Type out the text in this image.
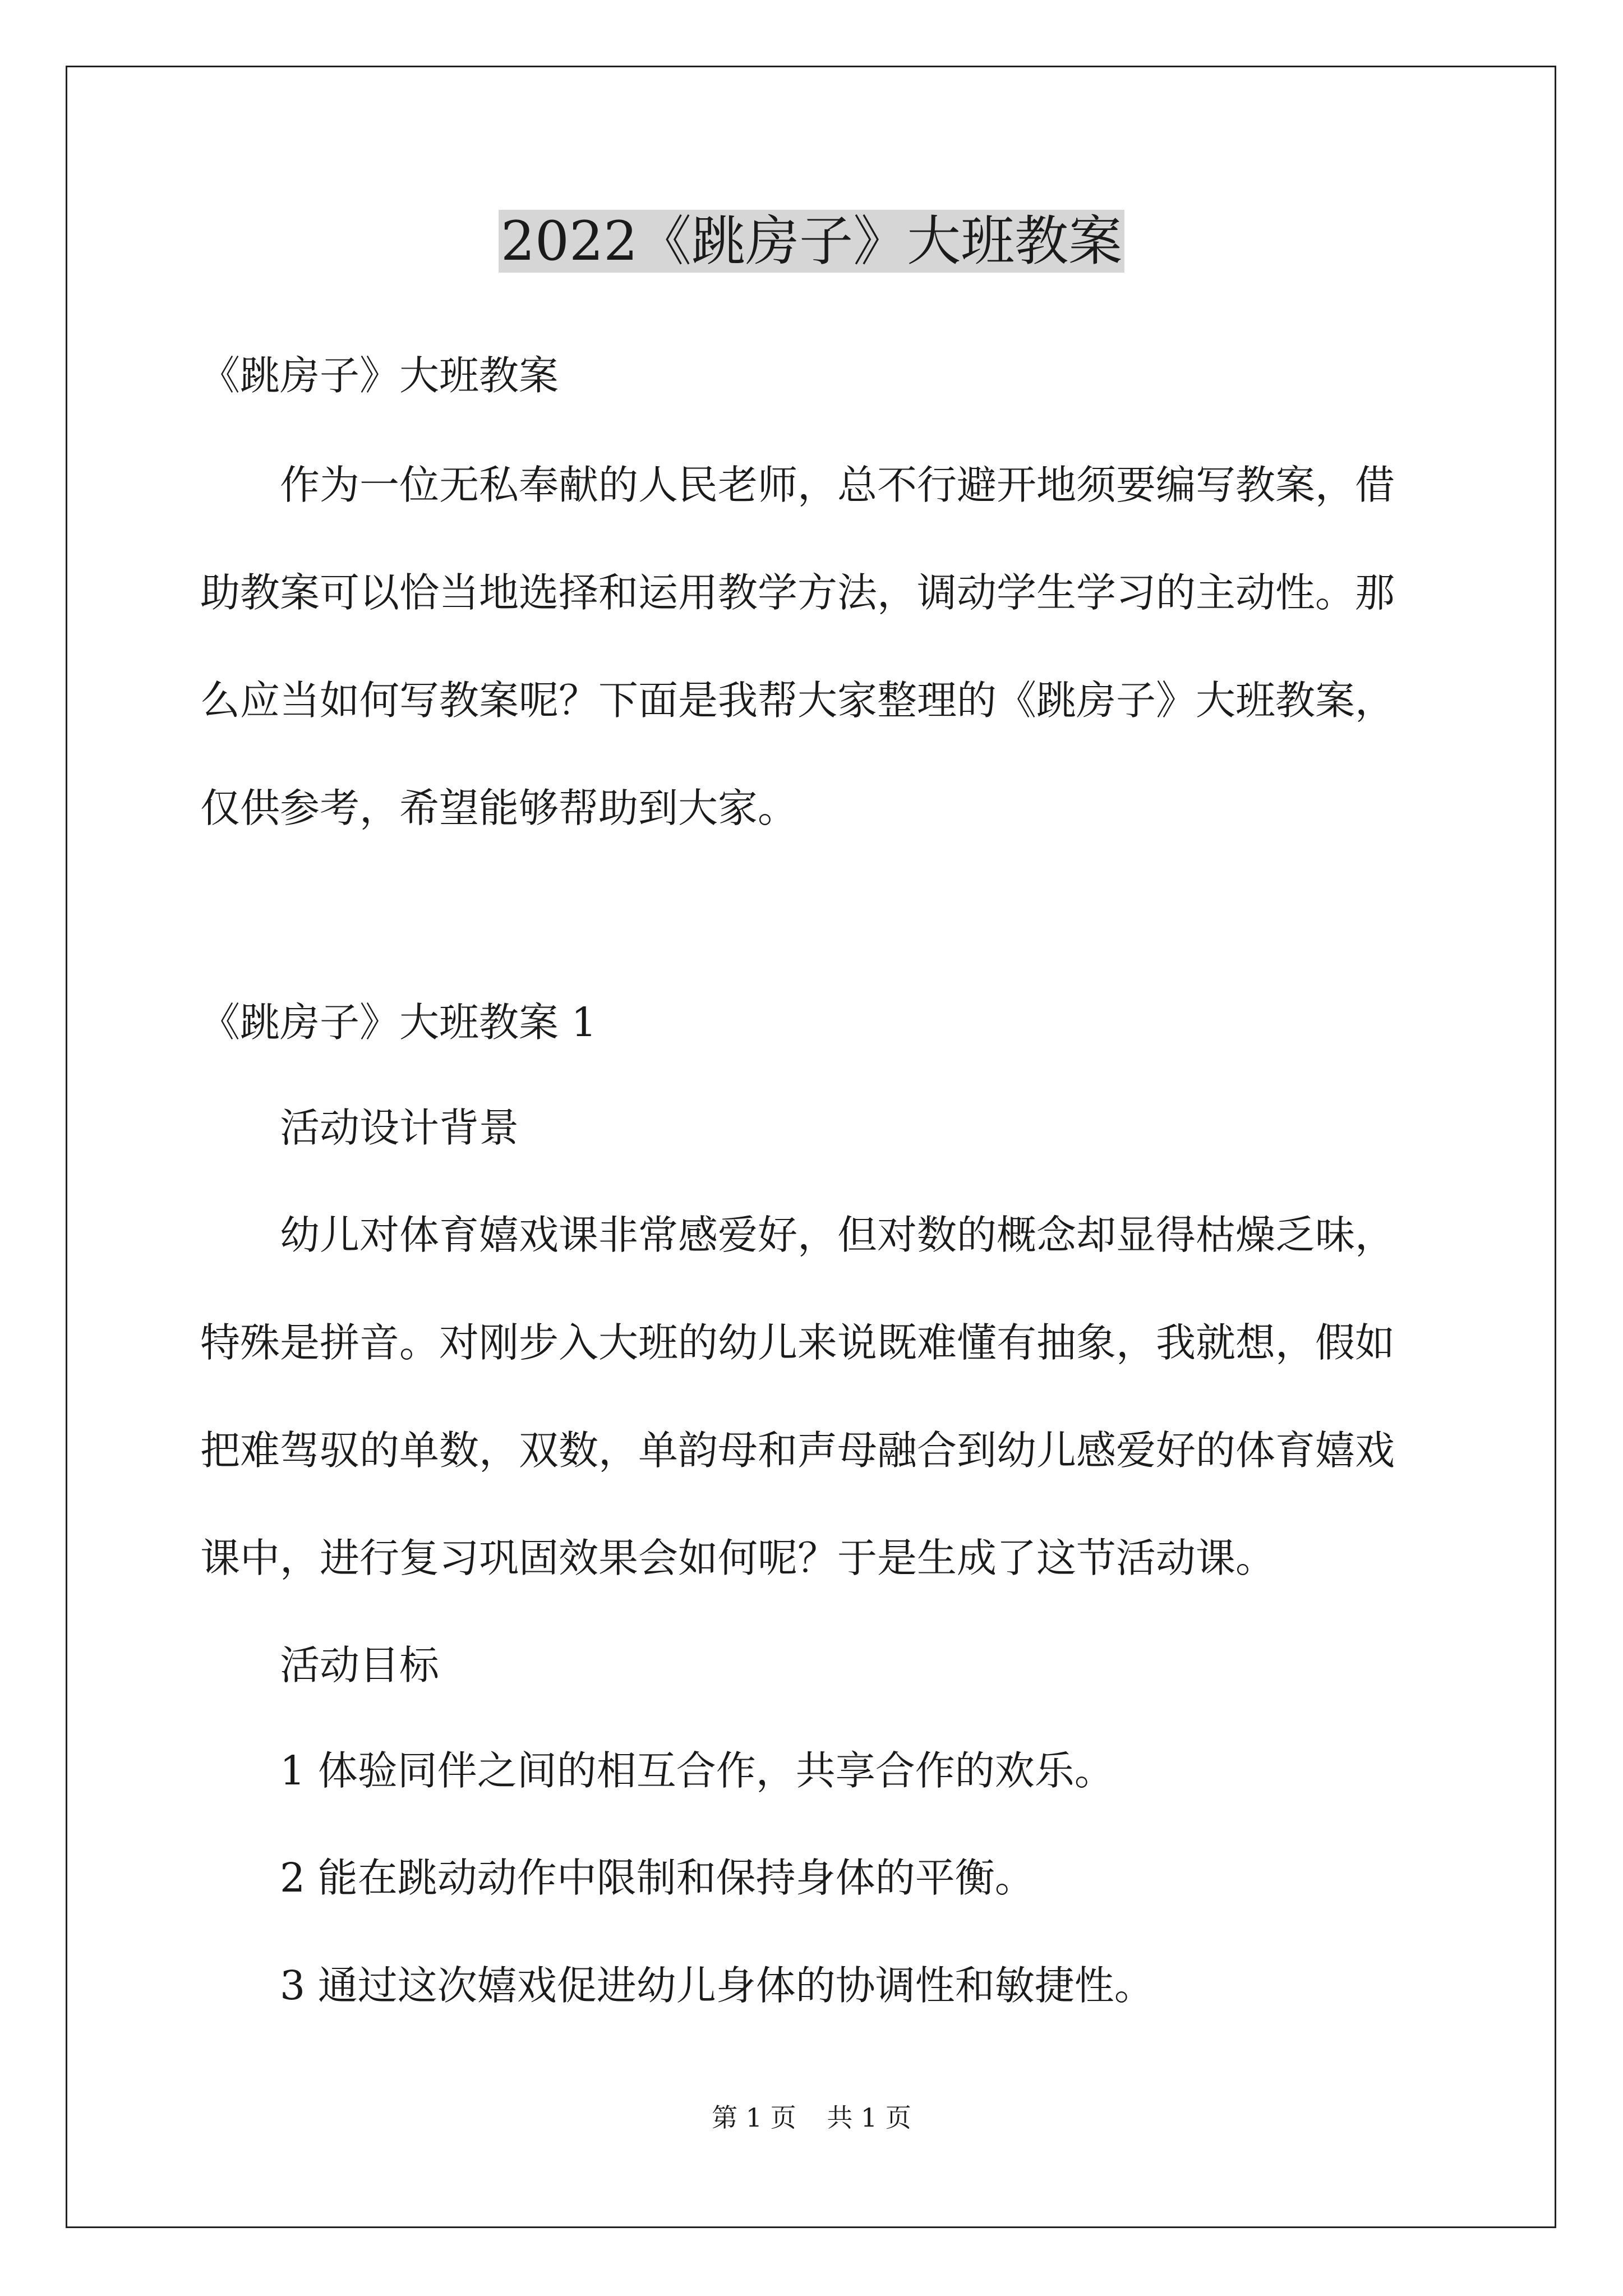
2022《跳房子》大班教案
《跳房子》大班教案
　　作为一位无私奉献的人民老师，总不行避开地须要编写教案，借
助教案可以恰当地选择和运用教学方法，调动学生学习的主动性。那
么应当如何写教案呢？下面是我帮大家整理的《跳房子》大班教案，
仅供参考，希望能够帮助到大家。
《跳房子》大班教案 1
　　活动设计背景
　　幼儿对体育嬉戏课非常感爱好，但对数的概念却显得枯燥乏味，
特殊是拼音。对刚步入大班的幼儿来说既难懂有抽象，我就想，假如
把难驾驭的单数，双数，单韵母和声母融合到幼儿感爱好的体育嬉戏
课中，进行复习巩固效果会如何呢？于是生成了这节活动课。
　　活动目标
　　1 体验同伴之间的相互合作，共享合作的欢乐。
　　2 能在跳动动作中限制和保持身体的平衡。
　　3 通过这次嬉戏促进幼儿身体的协调性和敏捷性。
第 1 页 共 1 页
